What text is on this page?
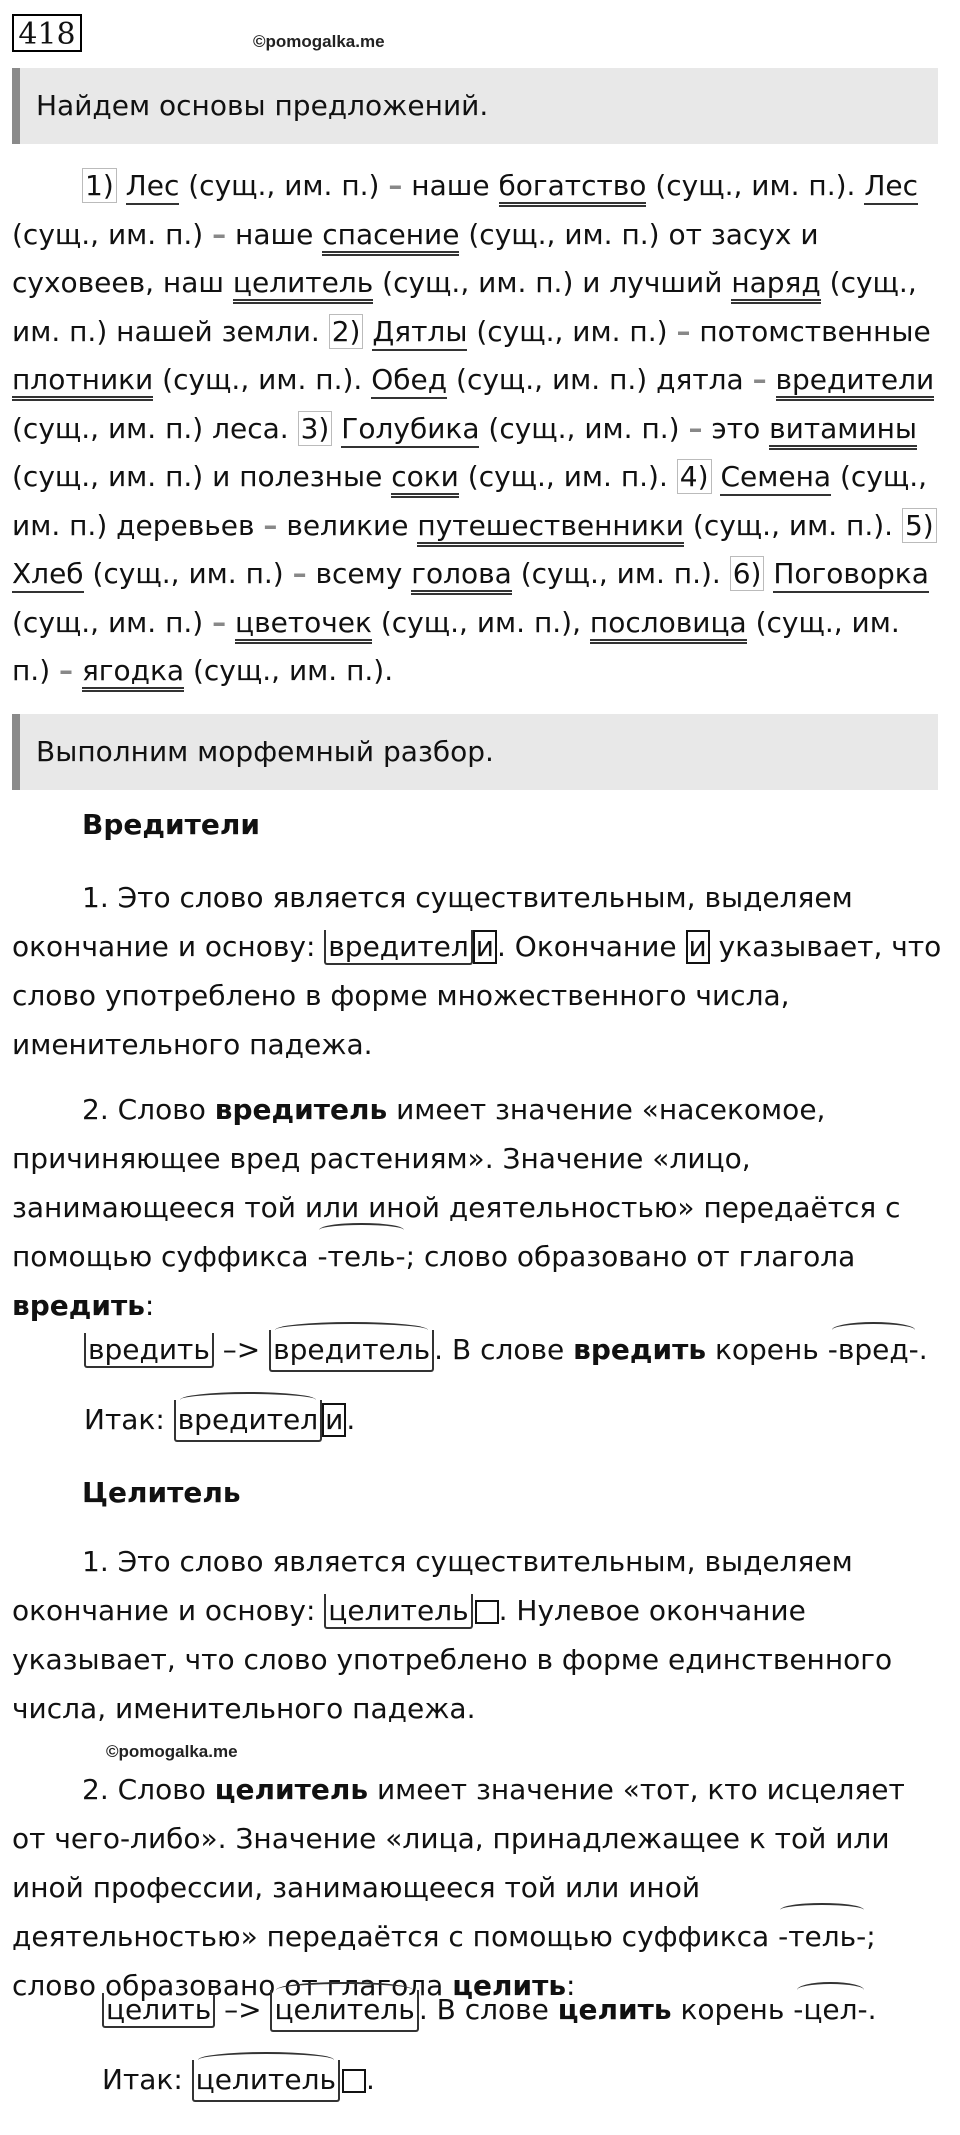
418	©pomogalka.me
Найдем основы предложений.
1) Лес (сущ., им. п.) – наше богатство (сущ., им. п.). Лес (сущ., им. п.) – наше спасение (сущ., им. п.) от засух и суховеев, наш целитель (сущ., им. п.) и лучший наряд (сущ., им. п.) нашей земли. 2) Дятлы (сущ., им. п.) – потомственные плотники (сущ., им. п.). Обед (сущ., им. п.) дятла – вредители (сущ., им. п.) леса. 3) Голубика (сущ., им. п.) – это витамины (сущ., им. п.) и полезные соки (сущ., им. п.). 4) Семена (сущ., им. п.) деревьев – великие путешественники (сущ., им. п.). 5) Хлеб (сущ., им. п.) – всему голова (сущ., им. п.). 6) Поговорка (сущ., им. п.) – цветочек (сущ., им. п.), пословица (сущ., им. п.) – ягодка (сущ., им. п.).
Выполним морфемный разбор.
Вредители
1. Это слово является существительным, выделяем окончание и основу: вредител и . Окончание и указывает, что слово употреблено в форме множественного числа, именительного падежа.
2. Слово вредитель имеет значение «насекомое, причиняющее вред растениям». Значение «лицо, занимающееся той или иной деятельностью» передаётся с помощью суффикса -тель-; слово образовано от глагола вредить:
вредить –> вредитель . В слове вредить корень -вред-.
Итак: вредител и .
Целитель
1. Это слово является существительным, выделяем окончание и основу: целитель . Нулевое окончание указывает, что слово употреблено в форме единственного числа, именительного падежа.
©pomogalka.me
2. Слово целитель имеет значение «тот, кто исцеляет от чего-либо». Значение «лица, принадлежащее к той или иной профессии, занимающееся той или иной деятельностью» передаётся с помощью суффикса -тель-; слово образовано от глагола целить:
целить –> целитель . В слове целить корень -цел-.
Итак: целитель .
